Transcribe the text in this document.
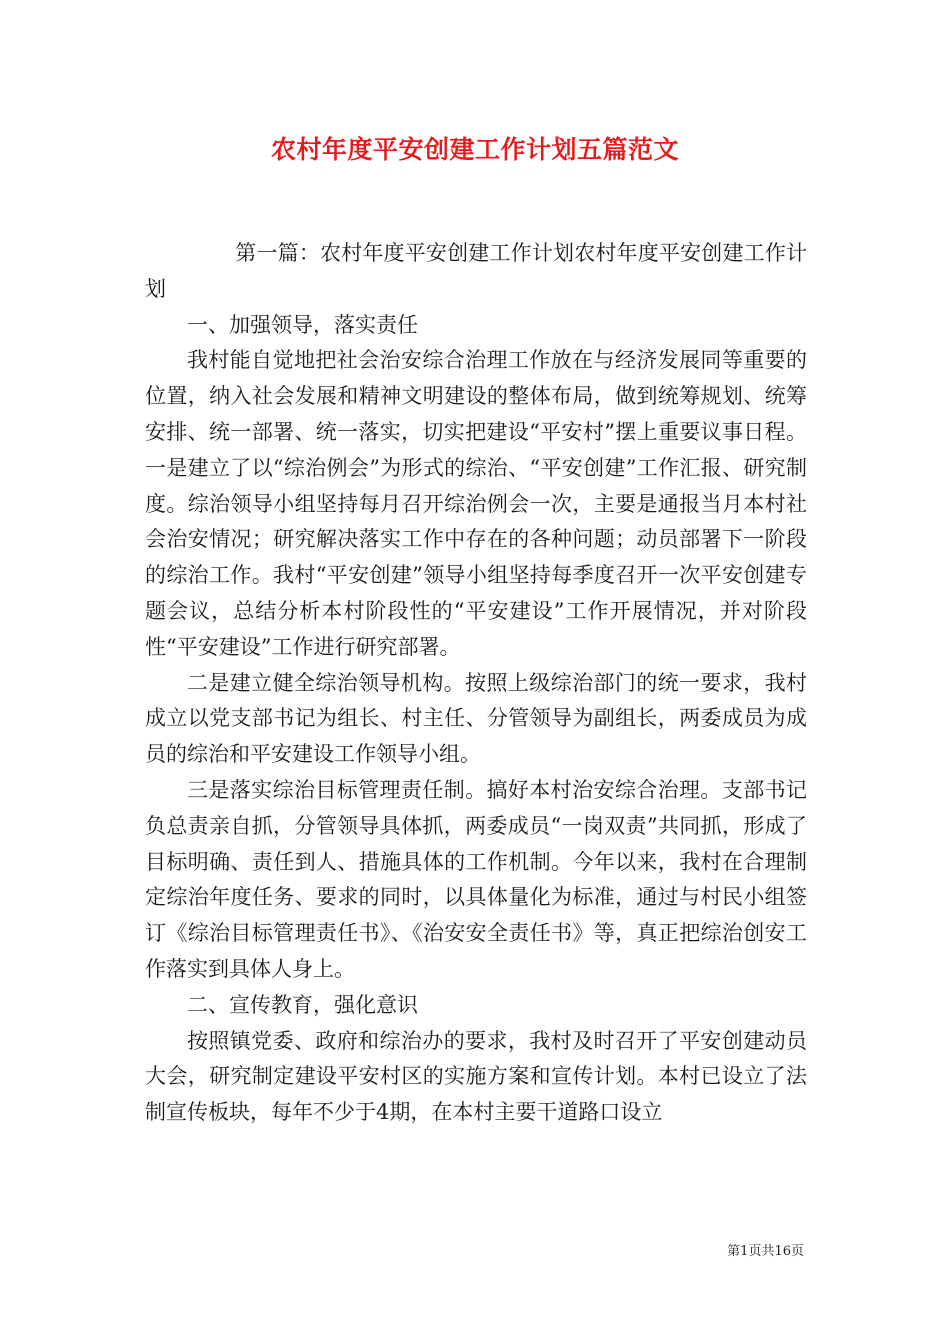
农村年度平安创建工作计划五篇范文

第一篇：农村年度平安创建工作计划农村年度平安创建工作计划

一、加强领导，落实责任

我村能自觉地把社会治安综合治理工作放在与经济发展同等重要的位置，纳入社会发展和精神文明建设的整体布局，做到统筹规划、统筹安排、统一部署、统一落实，切实把建设“平安村”摆上重要议事日程。一是建立了以“综治例会”为形式的综治、“平安创建”工作汇报、研究制度。综治领导小组坚持每月召开综治例会一次，主要是通报当月本村社会治安情况；研究解决落实工作中存在的各种问题；动员部署下一阶段的综治工作。我村“平安创建”领导小组坚持每季度召开一次平安创建专题会议，总结分析本村阶段性的“平安建设”工作开展情况，并对阶段性“平安建设”工作进行研究部署。

二是建立健全综治领导机构。按照上级综治部门的统一要求，我村成立以党支部书记为组长、村主任、分管领导为副组长，两委成员为成员的综治和平安建设工作领导小组。

三是落实综治目标管理责任制。搞好本村治安综合治理。支部书记负总责亲自抓，分管领导具体抓，两委成员“一岗双责”共同抓，形成了目标明确、责任到人、措施具体的工作机制。今年以来，我村在合理制定综治年度任务、要求的同时，以具体量化为标准，通过与村民小组签订《综治目标管理责任书》、《治安安全责任书》等，真正把综治创安工作落实到具体人身上。

二、宣传教育，强化意识

按照镇党委、政府和综治办的要求，我村及时召开了平安创建动员大会，研究制定建设平安村区的实施方案和宣传计划。本村已设立了法制宣传板块，每年不少于4期，在本村主要干道路口设立

第1页共16页
